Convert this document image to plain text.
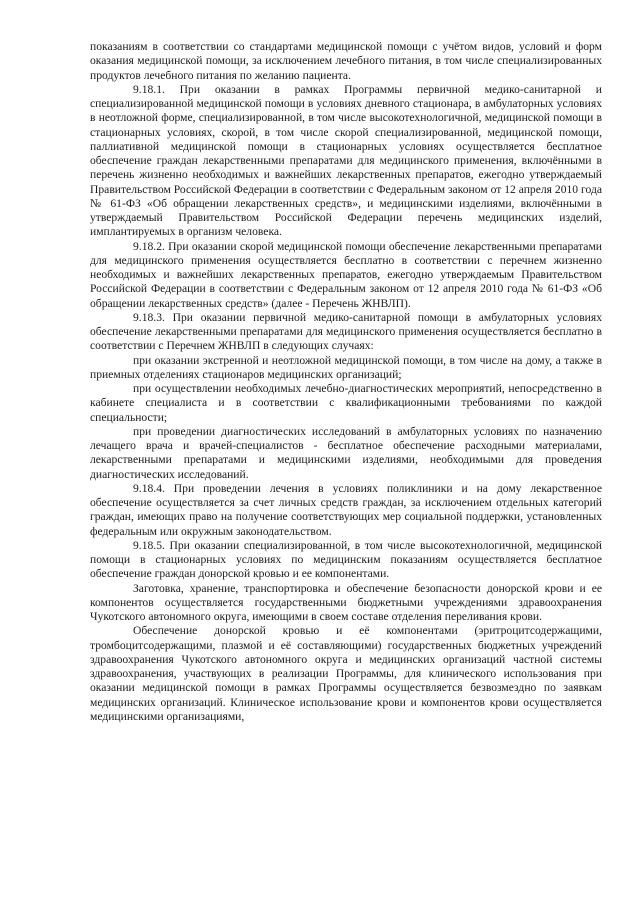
показаниям в соответствии со стандартами медицинской помощи с учётом видов, условий и форм оказания медицинской помощи, за исключением лечебного питания, в том числе специализированных продуктов лечебного питания по желанию пациента.

9.18.1. При оказании в рамках Программы первичной медико-санитарной и специализированной медицинской помощи в условиях дневного стационара, в амбулаторных условиях в неотложной форме, специализированной, в том числе высокотехнологичной, медицинской помощи в стационарных условиях, скорой, в том числе скорой специализированной, медицинской помощи, паллиативной медицинской помощи в стационарных условиях осуществляется бесплатное обеспечение граждан лекарственными препаратами для медицинского применения, включёнными в перечень жизненно необходимых и важнейших лекарственных препаратов, ежегодно утверждаемый Правительством Российской Федерации в соответствии с Федеральным законом от 12 апреля 2010 года № 61-ФЗ «Об обращении лекарственных средств», и медицинскими изделиями, включёнными в утверждаемый Правительством Российской Федерации перечень медицинских изделий, имплантируемых в организм человека.

9.18.2. При оказании скорой медицинской помощи обеспечение лекарственными препаратами для медицинского применения осуществляется бесплатно в соответствии с перечнем жизненно необходимых и важнейших лекарственных препаратов, ежегодно утверждаемым Правительством Российской Федерации в соответствии с Федеральным законом от 12 апреля 2010 года № 61-ФЗ «Об обращении лекарственных средств» (далее - Перечень ЖНВЛП).

9.18.3. При оказании первичной медико-санитарной помощи в амбулаторных условиях обеспечение лекарственными препаратами для медицинского применения осуществляется бесплатно в соответствии с Перечнем ЖНВЛП в следующих случаях:

при оказании экстренной и неотложной медицинской помощи, в том числе на дому, а также в приемных отделениях стационаров медицинских организаций;

при осуществлении необходимых лечебно-диагностических мероприятий, непосредственно в кабинете специалиста и в соответствии с квалификационными требованиями по каждой специальности;

при проведении диагностических исследований в амбулаторных условиях по назначению лечащего врача и врачей-специалистов - бесплатное обеспечение расходными материалами, лекарственными препаратами и медицинскими изделиями, необходимыми для проведения диагностических исследований.

9.18.4. При проведении лечения в условиях поликлиники и на дому лекарственное обеспечение осуществляется за счет личных средств граждан, за исключением отдельных категорий граждан, имеющих право на получение соответствующих мер социальной поддержки, установленных федеральным или окружным законодательством.

9.18.5. При оказании специализированной, в том числе высокотехнологичной, медицинской помощи в стационарных условиях по медицинским показаниям осуществляется бесплатное обеспечение граждан донорской кровью и ее компонентами.

Заготовка, хранение, транспортировка и обеспечение безопасности донорской крови и ее компонентов осуществляется государственными бюджетными учреждениями здравоохранения Чукотского автономного округа, имеющими в своем составе отделения переливания крови.

Обеспечение донорской кровью и её компонентами (эритроцитсодержащими, тромбоцитсодержащими, плазмой и её составляющими) государственных бюджетных учреждений здравоохранения Чукотского автономного округа и медицинских организаций частной системы здравоохранения, участвующих в реализации Программы, для клинического использования при оказании медицинской помощи в рамках Программы осуществляется безвозмездно по заявкам медицинских организаций. Клиническое использование крови и компонентов крови осуществляется медицинскими организациями,
